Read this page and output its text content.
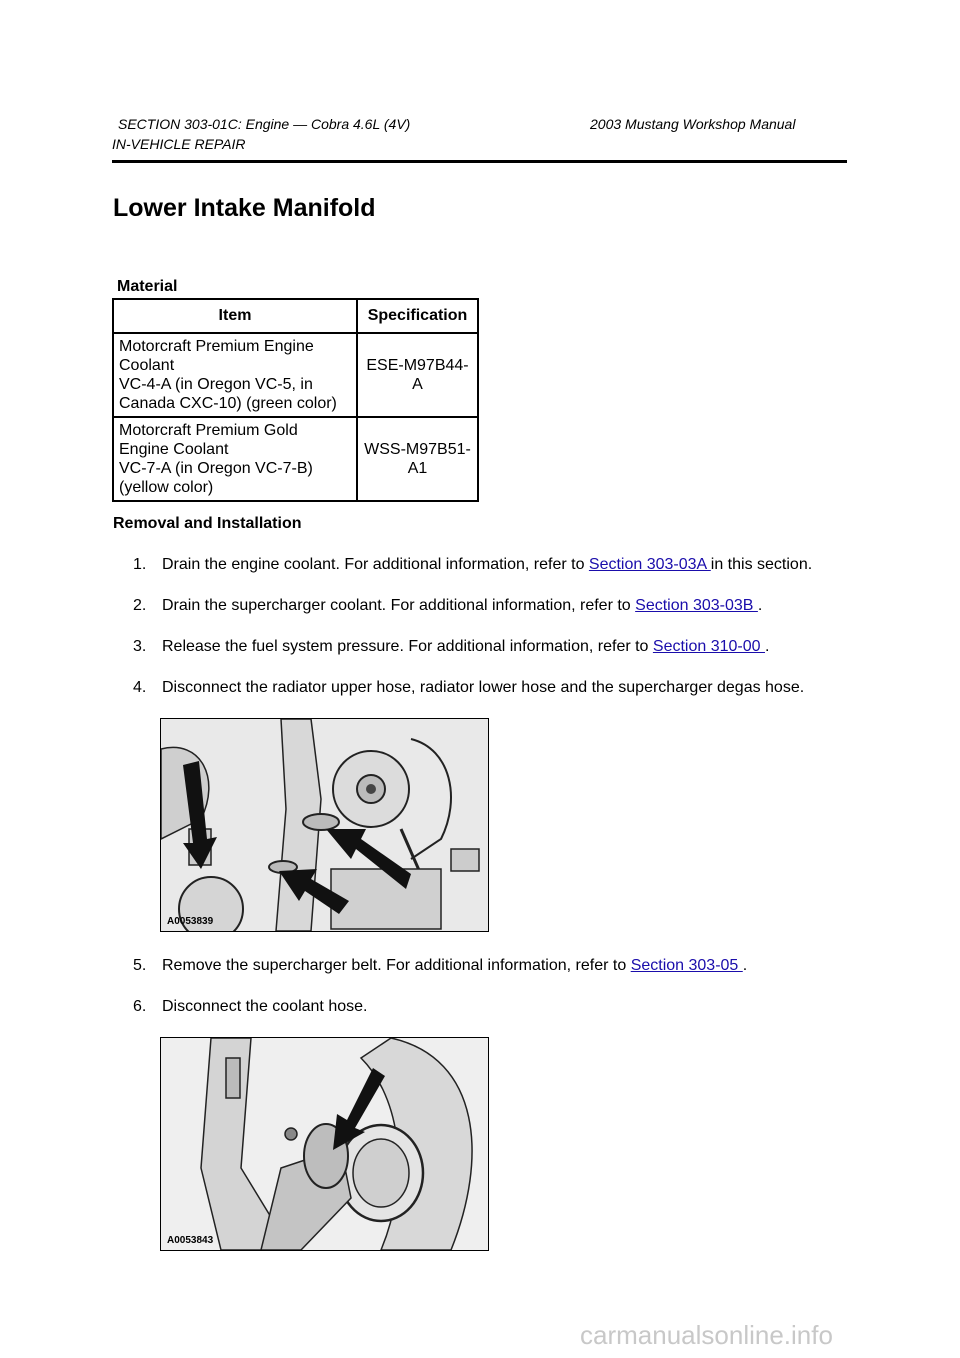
SECTION 303-01C: Engine — Cobra 4.6L (4V)	2003 Mustang Workshop Manual
IN-VEHICLE REPAIR
Lower Intake Manifold
Material
Item	Specification
Motorcraft Premium Engine
Coolant
VC-4-A (in Oregon VC-5, in
Canada CXC-10) (green color)	ESE-M97B44-
A
Motorcraft Premium Gold
Engine Coolant
VC-7-A (in Oregon VC-7-B)
(yellow color)	WSS-M97B51-
A1
Removal and Installation
1. Drain the engine coolant. For additional information, refer to Section 303-03A in this section.
2. Drain the supercharger coolant. For additional information, refer to Section 303-03B .
3. Release the fuel system pressure. For additional information, refer to Section 310-00 .
4. Disconnect the radiator upper hose, radiator lower hose and the supercharger degas hose.
A0053839
5. Remove the supercharger belt. For additional information, refer to Section 303-05 .
6. Disconnect the coolant hose.
A0053843
carmanualsonline.info
